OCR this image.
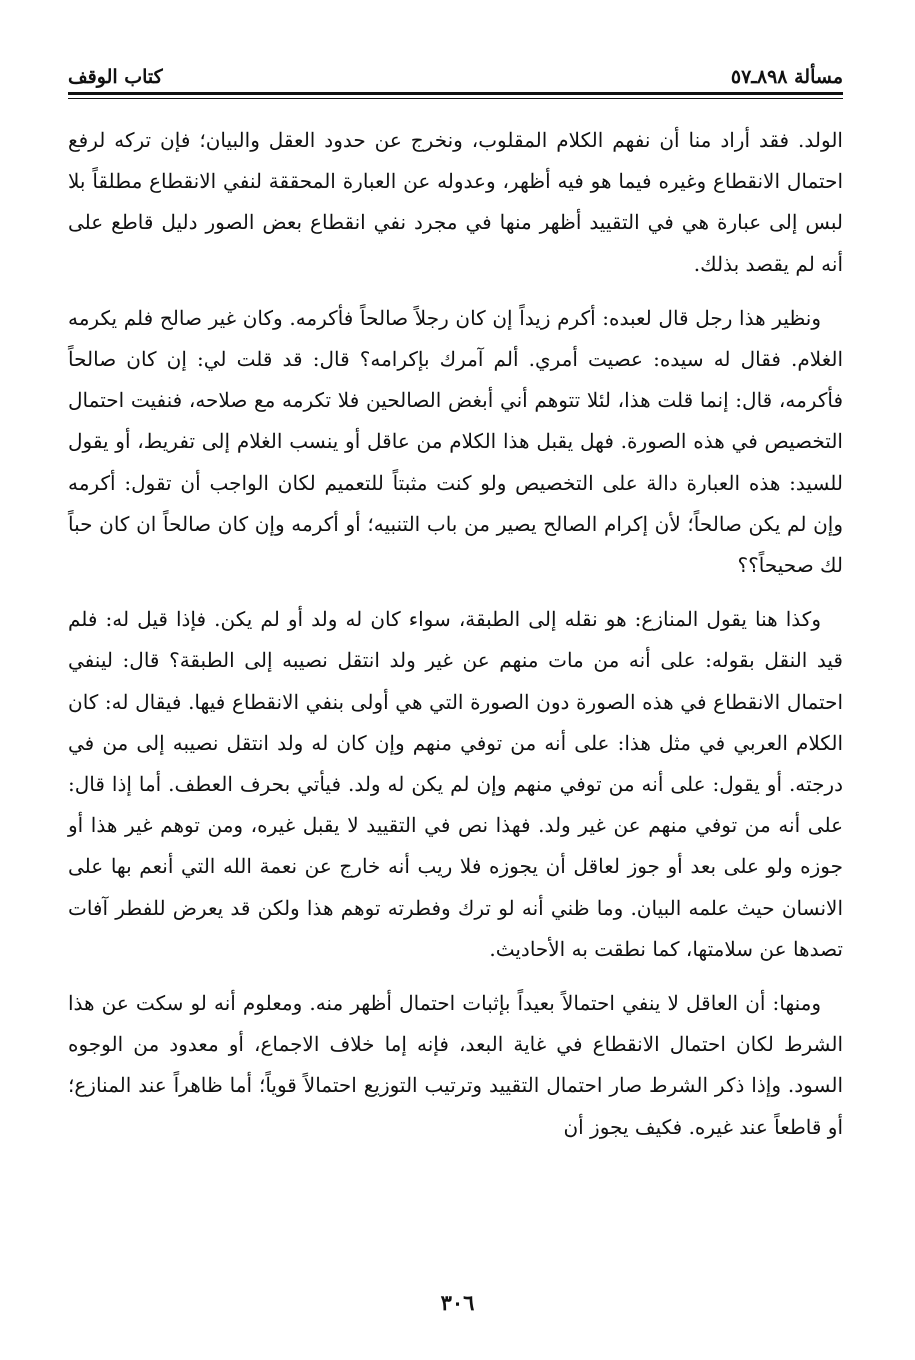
مسألة ٨٩٨ـ٥٧
كتاب الوقف

الولد. فقد أراد منا أن نفهم الكلام المقلوب، ونخرج عن حدود العقل والبيان؛ فإن تركه لرفع احتمال الانقطاع وغيره فيما هو فيه أظهر، وعدوله عن العبارة المحققة لنفي الانقطاع مطلقاً بلا لبس إلى عبارة هي في التقييد أظهر منها في مجرد نفي انقطاع بعض الصور دليل قاطع على أنه لم يقصد بذلك.

ونظير هذا رجل قال لعبده: أكرم زيداً إن كان رجلاً صالحاً فأكرمه. وكان غير صالح فلم يكرمه الغلام. فقال له سيده: عصيت أمري. ألم آمرك بإكرامه؟ قال: قد قلت لي: إن كان صالحاً فأكرمه، قال: إنما قلت هذا، لئلا تتوهم أني أبغض الصالحين فلا تكرمه مع صلاحه، فنفيت احتمال التخصيص في هذه الصورة. فهل يقبل هذا الكلام من عاقل أو ينسب الغلام إلى تفريط، أو يقول للسيد: هذه العبارة دالة على التخصيص ولو كنت مثبتاً للتعميم لكان الواجب أن تقول: أكرمه وإن لم يكن صالحاً؛ لأن إكرام الصالح يصير من باب التنبيه؛ أو أكرمه وإن كان صالحاً ان كان حباً لك صحيحاً؟؟

وكذا هنا يقول المنازع: هو نقله إلى الطبقة، سواء كان له ولد أو لم يكن. فإذا قيل له: فلم قيد النقل بقوله: على أنه من مات منهم عن غير ولد انتقل نصيبه إلى الطبقة؟ قال: لينفي احتمال الانقطاع في هذه الصورة دون الصورة التي هي أولى بنفي الانقطاع فيها. فيقال له: كان الكلام العربي في مثل هذا: على أنه من توفي منهم وإن كان له ولد انتقل نصيبه إلى من في درجته. أو يقول: على أنه من توفي منهم وإن لم يكن له ولد. فيأتي بحرف العطف. أما إذا قال: على أنه من توفي منهم عن غير ولد. فهذا نص في التقييد لا يقبل غيره، ومن توهم غير هذا أو جوزه ولو على بعد أو جوز لعاقل أن يجوزه فلا ريب أنه خارج عن نعمة الله التي أنعم بها على الانسان حيث علمه البيان. وما ظني أنه لو ترك وفطرته توهم هذا ولكن قد يعرض للفطر آفات تصدها عن سلامتها، كما نطقت به الأحاديث.

ومنها: أن العاقل لا ينفي احتمالاً بعيداً بإثبات احتمال أظهر منه. ومعلوم أنه لو سكت عن هذا الشرط لكان احتمال الانقطاع في غاية البعد، فإنه إما خلاف الاجماع، أو معدود من الوجوه السود. وإذا ذكر الشرط صار احتمال التقييد وترتيب التوزيع احتمالاً قوياً؛ أما ظاهراً عند المنازع؛ أو قاطعاً عند غيره. فكيف يجوز أن

٣٠٦
